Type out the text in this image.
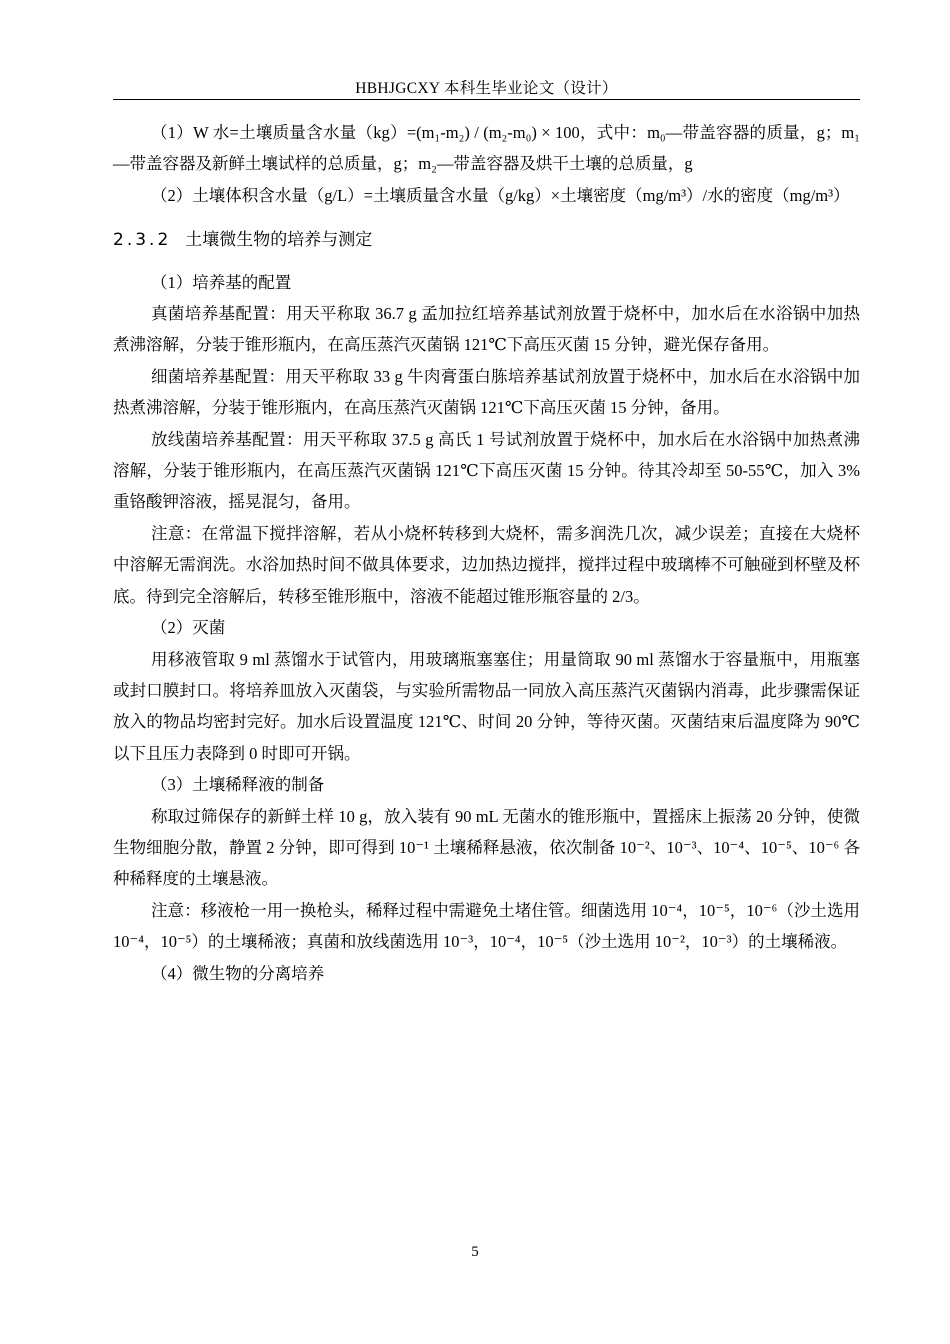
HBHJGCXY 本科生毕业论文（设计）

（1）W 水=土壤质量含水量（kg）=(m₁-m₂) / (m₂-m₀) × 100，式中：m₀—带盖容器的质量，g；m₁—带盖容器及新鲜土壤试样的总质量，g；m₂—带盖容器及烘干土壤的总质量，g

（2）土壤体积含水量（g/L）=土壤质量含水量（g/kg）×土壤密度（mg/m³）/水的密度（mg/m³）

2.3.2 土壤微生物的培养与测定

（1）培养基的配置

真菌培养基配置：用天平称取 36.7 g 孟加拉红培养基试剂放置于烧杯中，加水后在水浴锅中加热煮沸溶解，分装于锥形瓶内，在高压蒸汽灭菌锅 121℃下高压灭菌 15 分钟，避光保存备用。

细菌培养基配置：用天平称取 33 g 牛肉膏蛋白胨培养基试剂放置于烧杯中，加水后在水浴锅中加热煮沸溶解，分装于锥形瓶内，在高压蒸汽灭菌锅 121℃下高压灭菌 15 分钟，备用。

放线菌培养基配置：用天平称取 37.5 g 高氏 1 号试剂放置于烧杯中，加水后在水浴锅中加热煮沸溶解，分装于锥形瓶内，在高压蒸汽灭菌锅 121℃下高压灭菌 15 分钟。待其冷却至 50-55℃，加入 3%重铬酸钾溶液，摇晃混匀，备用。

注意：在常温下搅拌溶解，若从小烧杯转移到大烧杯，需多润洗几次，减少误差；直接在大烧杯中溶解无需润洗。水浴加热时间不做具体要求，边加热边搅拌，搅拌过程中玻璃棒不可触碰到杯壁及杯底。待到完全溶解后，转移至锥形瓶中，溶液不能超过锥形瓶容量的 2/3。

（2）灭菌

用移液管取 9 ml 蒸馏水于试管内，用玻璃瓶塞塞住；用量筒取 90 ml 蒸馏水于容量瓶中，用瓶塞或封口膜封口。将培养皿放入灭菌袋，与实验所需物品一同放入高压蒸汽灭菌锅内消毒，此步骤需保证放入的物品均密封完好。加水后设置温度 121℃、时间 20 分钟，等待灭菌。灭菌结束后温度降为 90℃以下且压力表降到 0 时即可开锅。

（3）土壤稀释液的制备

称取过筛保存的新鲜土样 10 g，放入装有 90 mL 无菌水的锥形瓶中，置摇床上振荡 20 分钟，使微生物细胞分散，静置 2 分钟，即可得到 10⁻¹ 土壤稀释悬液，依次制备 10⁻²、10⁻³、10⁻⁴、10⁻⁵、10⁻⁶ 各种稀释度的土壤悬液。

注意：移液枪一用一换枪头，稀释过程中需避免土堵住管。细菌选用 10⁻⁴，10⁻⁵，10⁻⁶（沙土选用 10⁻⁴，10⁻⁵）的土壤稀液；真菌和放线菌选用 10⁻³，10⁻⁴，10⁻⁵（沙土选用 10⁻²，10⁻³）的土壤稀液。

（4）微生物的分离培养

5
